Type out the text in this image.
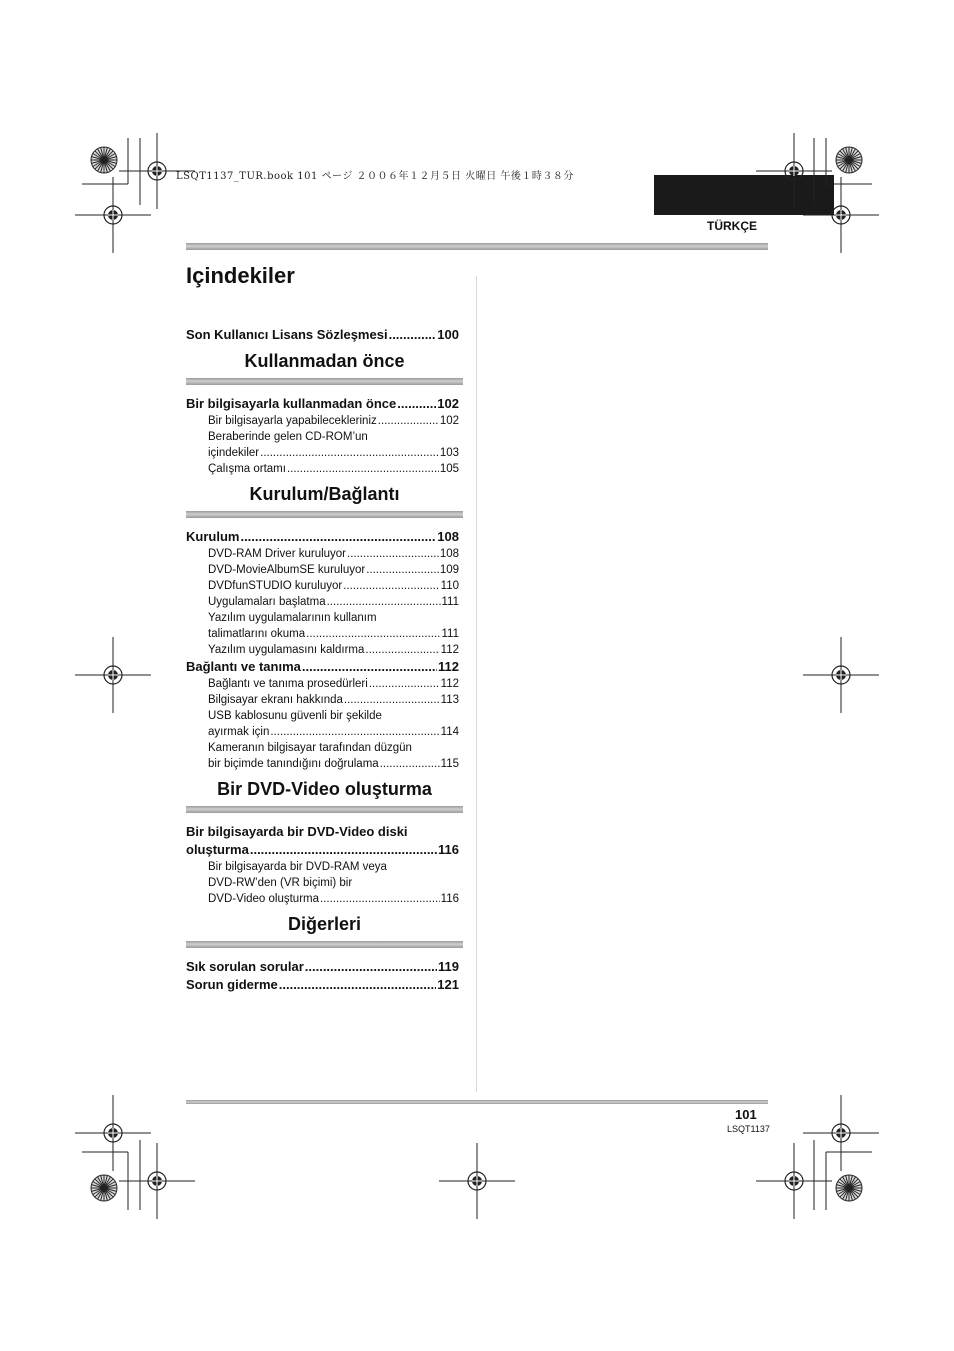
LSQT1137_TUR.book 101 ページ ２００６年１２月５日 火曜日 午後１時３８分
TÜRKÇE
Içindekiler
Son Kullanıcı Lisans Sözleşmesi .....	100
Kullanmadan önce
Bir bilgisayarla kullanmadan önce .....	102
Bir bilgisayarla yapabilecekleriniz .....	102
Beraberinde gelen CD-ROM’un
içindekiler .....	103
Çalışma ortamı .....	105
Kurulum/Bağlantı
Kurulum .....	108
DVD-RAM Driver kuruluyor .....	108
DVD-MovieAlbumSE kuruluyor .....	109
DVDfunSTUDIO kuruluyor .....	110
Uygulamaları başlatma .....	111
Yazılım uygulamalarının kullanım
talimatlarını okuma .....	111
Yazılım uygulamasını kaldırma .....	112
Bağlantı ve tanıma .....	112
Bağlantı ve tanıma prosedürleri .....	112
Bilgisayar ekranı hakkında .....	113
USB kablosunu güvenli bir şekilde
ayırmak için .....	114
Kameranın bilgisayar tarafından düzgün
bir biçimde tanındığını doğrulama .....	115
Bir DVD-Video oluşturma
Bir bilgisayarda bir DVD-Video diski
oluşturma .....	116
Bir bilgisayarda bir DVD-RAM veya
DVD-RW’den (VR biçimi) bir
DVD-Video oluşturma .....	116
Diğerleri
Sık sorulan sorular .....	119
Sorun giderme .....	121
101
LSQT1137
